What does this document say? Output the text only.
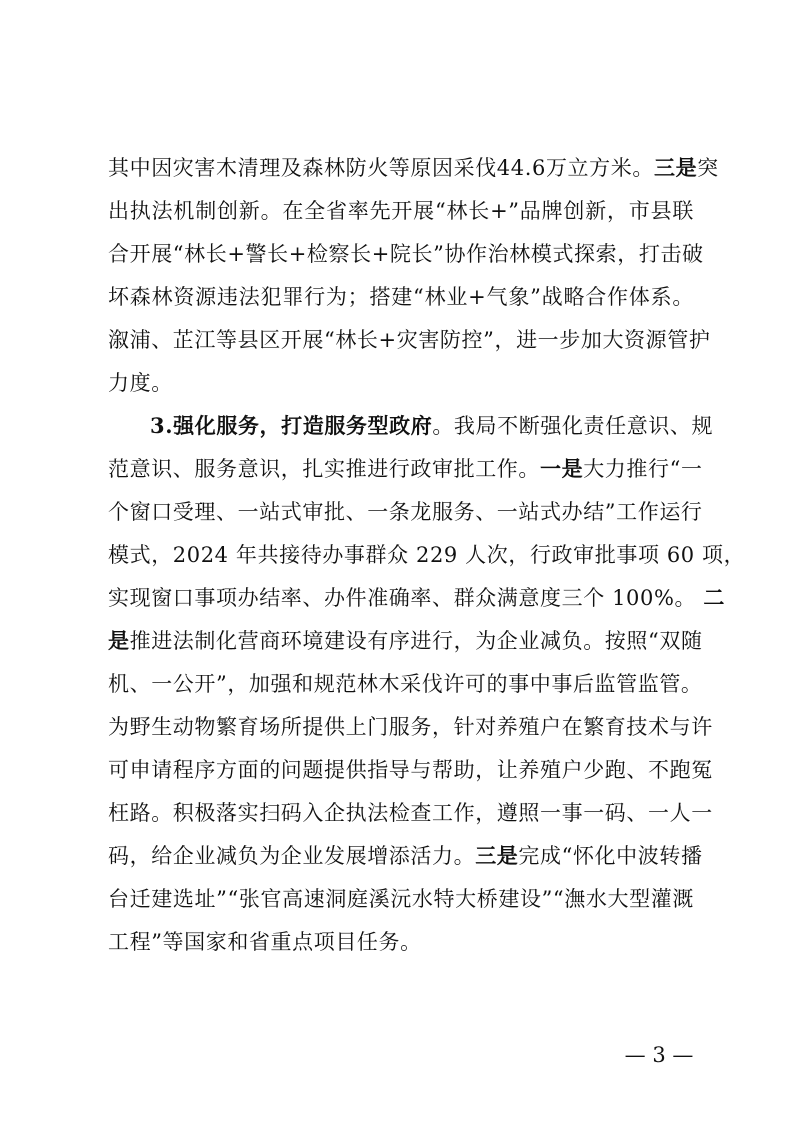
其中因灾害木清理及森林防火等原因采伐44.6万立方米。三是突
出执法机制创新。在全省率先开展“林长+”品牌创新，市县联
合开展“林长+警长+检察长+院长”协作治林模式探索，打击破
坏森林资源违法犯罪行为；搭建“林业+气象”战略合作体系。
溆浦、芷江等县区开展“林长+灾害防控”，进一步加大资源管护
力度。
3.强化服务，打造服务型政府。我局不断强化责任意识、规
范意识、服务意识，扎实推进行政审批工作。一是大力推行“一
个窗口受理、一站式审批、一条龙服务、一站式办结”工作运行
模式，2024 年共接待办事群众 229 人次，行政审批事项 60 项，
实现窗口事项办结率、办件准确率、群众满意度三个 100%。 二
是推进法制化营商环境建设有序进行，为企业减负。按照“双随
机、一公开”，加强和规范林木采伐许可的事中事后监管监管。
为野生动物繁育场所提供上门服务，针对养殖户在繁育技术与许
可申请程序方面的问题提供指导与帮助，让养殖户少跑、不跑冤
枉路。积极落实扫码入企执法检查工作，遵照一事一码、一人一
码，给企业减负为企业发展增添活力。三是完成“怀化中波转播
台迁建选址”“张官高速洞庭溪沅水特大桥建设”“潕水大型灌溉
工程”等国家和省重点项目任务。
— 3 —
